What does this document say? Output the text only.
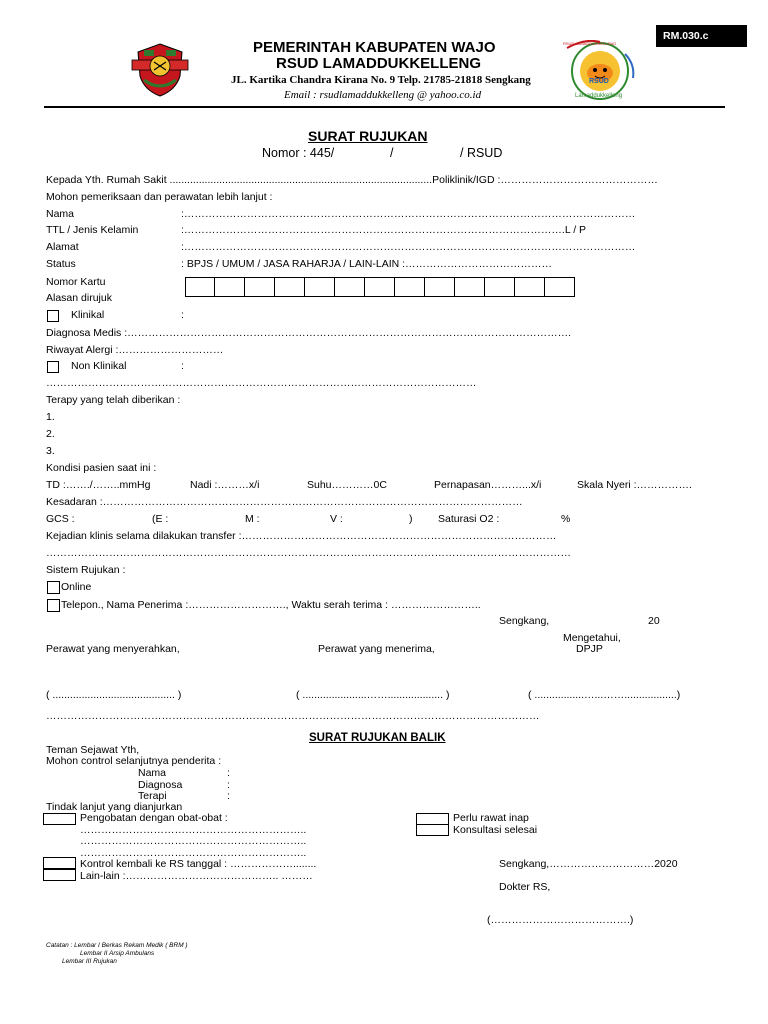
RM.030.c
RSUD LAMADDUKKELLENG
RSUD
Lamaddukkelleng
PEMERINTAH KABUPATEN WAJO
RSUD LAMADDUKKELLENG
JL. Kartika Chandra Kirana No. 9 Telp. 21785-21818 Sengkang
Email : rsudlamaddukkelleng @ yahoo.co.id
SURAT RUJUKAN
Nomor : 445/	/	/ RSUD
Kepada Yth. Rumah Sakit ..........................................................................................Poliklinik/IGD :………………………………………
Mohon pemeriksaan dan perawatan lebih lanjut :
Nama	:…………………………………………………………………………………………………………………
TTL / Jenis Kelamin	:……………………………………………………………………………………………….L / P
Alamat	:…………………………………………………………………………………………………………………
Status	: BPJS / UMUM / JASA RAHARJA / LAIN-LAIN :……………………………………
Nomor Kartu
Alasan dirujuk
Klinikal	:
Diagnosa Medis :……………………………………………………………………………………………………………….
Riwayat Alergi :…………………………
Non Klinikal	:
……………………………………………………………………………………………………………
Terapy yang telah diberikan :
1.
2.
3.
Kondisi pasien saat ini :
TD :……./……..mmHg	Nadi :………x/i	Suhu…………0C	Pernapasan………...x/i	Skala Nyeri :…………….
Kesadaran :…………………………………………………………………………………………………………
GCS :	(E :	M :	V :	) Saturasi O2 :	%
Kejadian klinis selama dilakukan transfer :………………………………………………………………………………
……………………………………………………………………………………………………………………………………
Sistem Rujukan :
Online
Telepon., Nama Penerima :………………………., Waktu serah terima : ……………………..
Sengkang,	20
Mengetahui,
DPJP
Perawat yang menyerahkan,	Perawat yang menerima,
( .......................................... )	( ......................……................... )	( .................…...……..................)
……………………………………………………………………………………………………………………………
SURAT RUJUKAN BALIK
Teman Sejawat Yth,
Mohon control selanjutnya penderita :
Nama	:
Diagnosa	:
Terapi	:
Tindak lanjut yang dianjurkan
Pengobatan dengan obat-obat :
………………………………………………………..
………………………………………………………..
………………………………………………………..
Kontrol kembali ke RS tanggal : ………………........
Lain-lain :…………………………………….. ………
Perlu rawat inap
Konsultasi selesai
Sengkang,…………………………2020
Dokter RS,
(………………………………….)
Catatan : Lembar I Berkas Rekam Medik ( BRM )
Lembar II Arsip Ambulans
Lembar III Rujukan
